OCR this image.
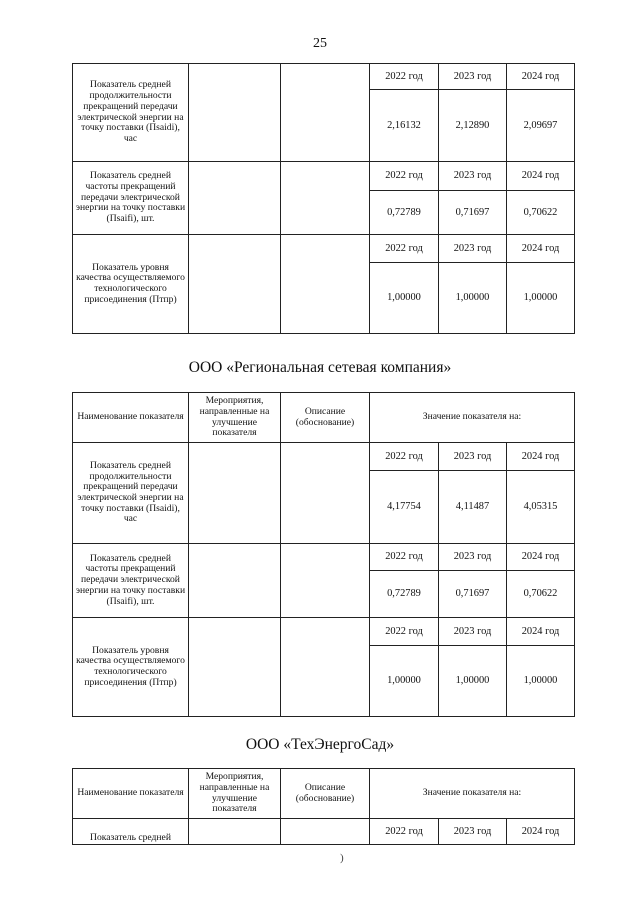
25
Показатель средней продолжительности прекращений передачи электрической энергии на точку поставки (Пsaidi), час			2022 год	2023 год	2024 год
			2,16132	2,12890	2,09697
Показатель средней частоты прекращений передачи электрической энергии на точку поставки (Пsaifi), шт.			2022 год	2023 год	2024 год
			0,72789	0,71697	0,70622
Показатель уровня качества осуществляемого технологического присоединения (Птпр)			2022 год	2023 год	2024 год
			1,00000	1,00000	1,00000
ООО «Региональная сетевая компания»
Наименование показателя	Мероприятия, направленные на улучшение показателя	Описание (обоснование)	Значение показателя на:		
Показатель средней продолжительности прекращений передачи электрической энергии на точку поставки (Пsaidi), час			2022 год	2023 год	2024 год
			4,17754	4,11487	4,05315
Показатель средней частоты прекращений передачи электрической энергии на точку поставки (Пsaifi), шт.			2022 год	2023 год	2024 год
			0,72789	0,71697	0,70622
Показатель уровня качества осуществляемого технологического присоединения (Птпр)			2022 год	2023 год	2024 год
			1,00000	1,00000	1,00000
ООО «ТехЭнергоСад»
Наименование показателя	Мероприятия, направленные на улучшение показателя	Описание (обоснование)	Значение показателя на:		
Показатель средней			2022 год	2023 год	2024 год
)
